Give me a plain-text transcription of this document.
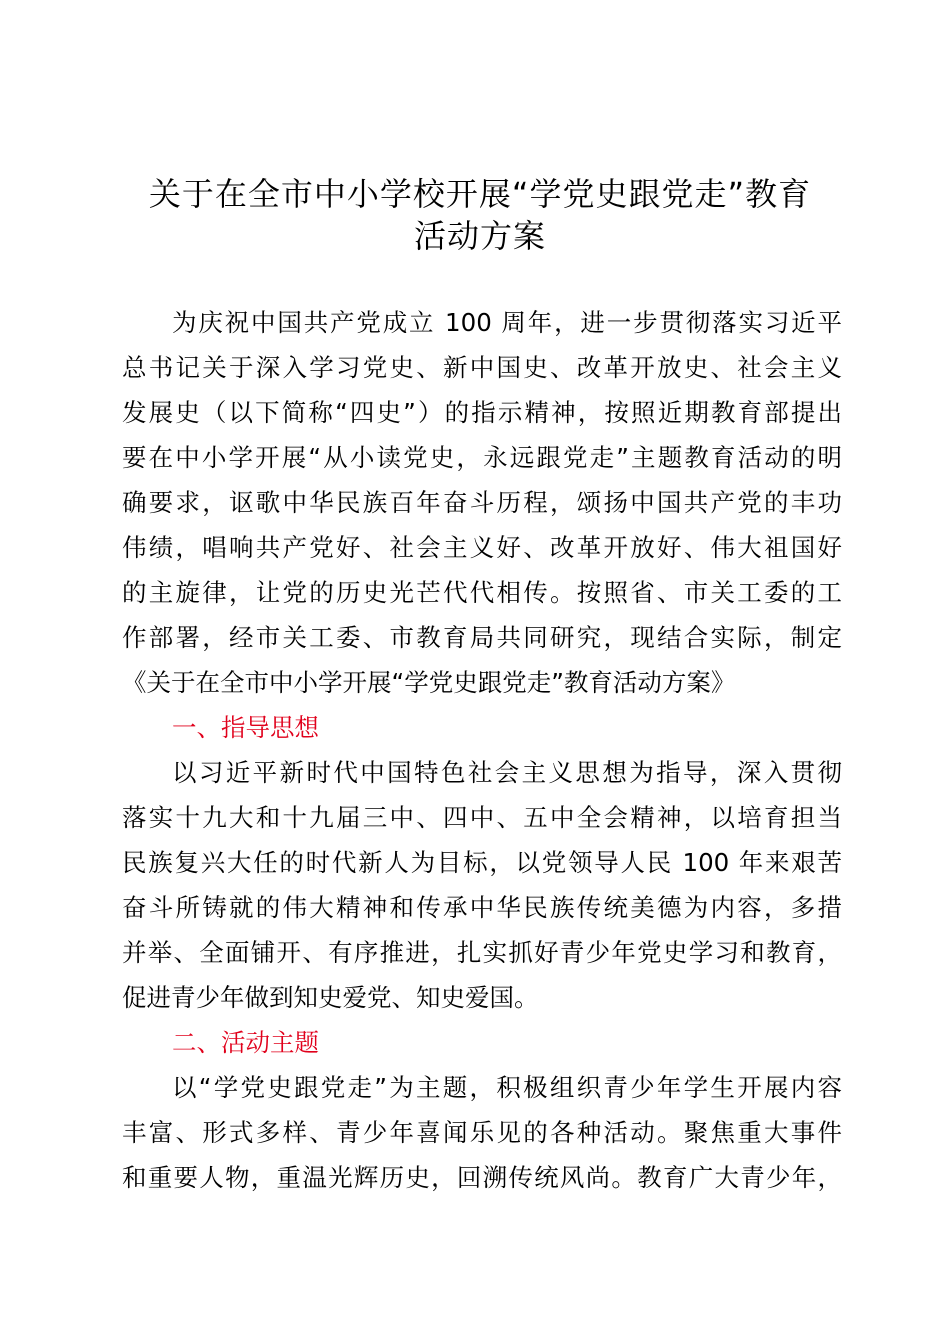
关于在全市中小学校开展“学党史跟党走”教育
活动方案

为庆祝中国共产党成立 100 周年，进一步贯彻落实习近平

总书记关于深入学习党史、新中国史、改革开放史、社会主义

发展史（以下简称“四史”）的指示精神，按照近期教育部提出

要在中小学开展“从小读党史，永远跟党走”主题教育活动的明

确要求，讴歌中华民族百年奋斗历程，颂扬中国共产党的丰功

伟绩，唱响共产党好、社会主义好、改革开放好、伟大祖国好

的主旋律，让党的历史光芒代代相传。按照省、市关工委的工

作部署，经市关工委、市教育局共同研究，现结合实际，制定

《关于在全市中小学开展“学党史跟党走”教育活动方案》

一、指导思想

以习近平新时代中国特色社会主义思想为指导，深入贯彻

落实十九大和十九届三中、四中、五中全会精神，以培育担当

民族复兴大任的时代新人为目标，以党领导人民 100 年来艰苦

奋斗所铸就的伟大精神和传承中华民族传统美德为内容，多措

并举、全面铺开、有序推进，扎实抓好青少年党史学习和教育，

促进青少年做到知史爱党、知史爱国。

二、活动主题

以“学党史跟党走”为主题，积极组织青少年学生开展内容

丰富、形式多样、青少年喜闻乐见的各种活动。聚焦重大事件

和重要人物，重温光辉历史，回溯传统风尚。教育广大青少年，
